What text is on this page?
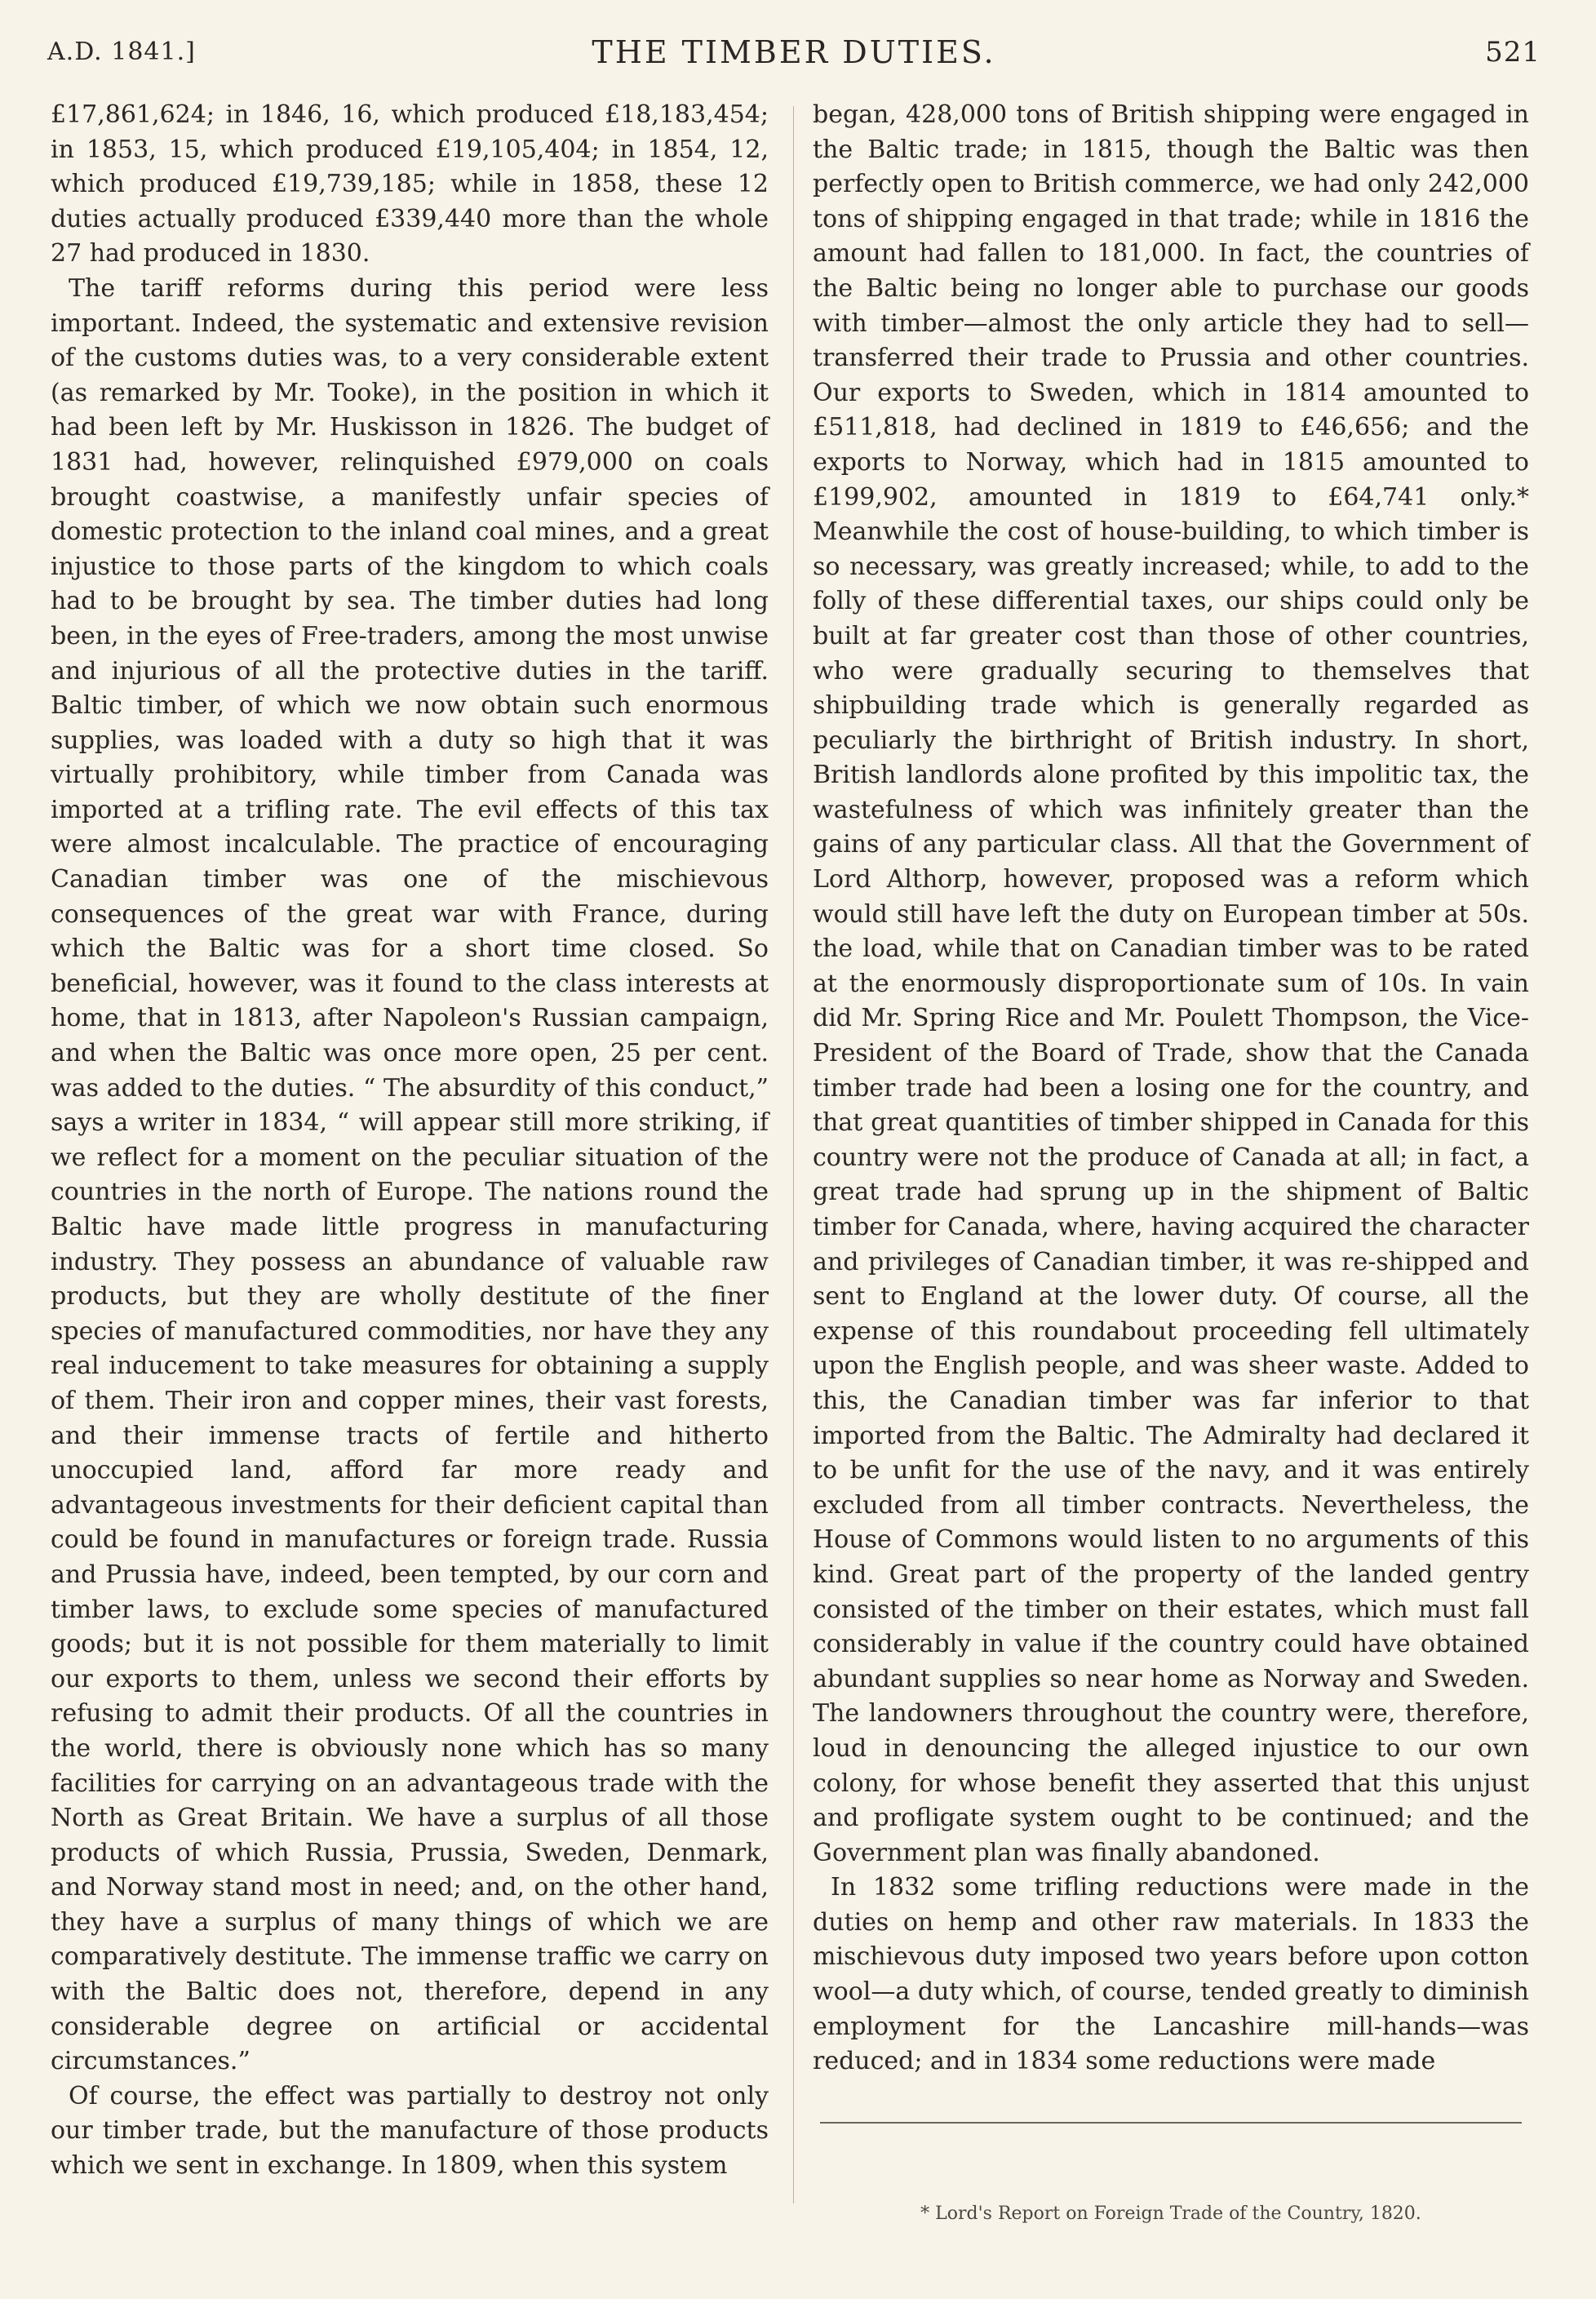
A.D. 1841.]	THE TIMBER DUTIES.	521

£17,861,624; in 1846, 16, which produced £18,183,454; in 1853, 15, which produced £19,105,404; in 1854, 12, which produced £19,739,185; while in 1858, these 12 duties actually produced £339,440 more than the whole 27 had produced in 1830.

The tariff reforms during this period were less important. Indeed, the systematic and extensive revision of the customs duties was, to a very considerable extent (as remarked by Mr. Tooke), in the position in which it had been left by Mr. Huskisson in 1826. The budget of 1831 had, however, relinquished £979,000 on coals brought coastwise, a manifestly unfair species of domestic protection to the inland coal mines, and a great injustice to those parts of the kingdom to which coals had to be brought by sea. The timber duties had long been, in the eyes of Free-traders, among the most unwise and injurious of all the protective duties in the tariff. Baltic timber, of which we now obtain such enormous supplies, was loaded with a duty so high that it was virtually prohibitory, while timber from Canada was imported at a trifling rate. The evil effects of this tax were almost incalculable. The practice of encouraging Canadian timber was one of the mischievous consequences of the great war with France, during which the Baltic was for a short time closed. So beneficial, however, was it found to the class interests at home, that in 1813, after Napoleon's Russian campaign, and when the Baltic was once more open, 25 per cent. was added to the duties. “ The absurdity of this conduct,” says a writer in 1834, “ will appear still more striking, if we reflect for a moment on the peculiar situation of the countries in the north of Europe. The nations round the Baltic have made little progress in manufacturing industry. They possess an abundance of valuable raw products, but they are wholly destitute of the finer species of manufactured commodities, nor have they any real inducement to take measures for obtaining a supply of them. Their iron and copper mines, their vast forests, and their immense tracts of fertile and hitherto unoccupied land, afford far more ready and advantageous investments for their deficient capital than could be found in manufactures or foreign trade. Russia and Prussia have, indeed, been tempted, by our corn and timber laws, to exclude some species of manufactured goods; but it is not possible for them materially to limit our exports to them, unless we second their efforts by refusing to admit their products. Of all the countries in the world, there is obviously none which has so many facilities for carrying on an advantageous trade with the North as Great Britain. We have a surplus of all those products of which Russia, Prussia, Sweden, Denmark, and Norway stand most in need; and, on the other hand, they have a surplus of many things of which we are comparatively destitute. The immense traffic we carry on with the Baltic does not, therefore, depend in any considerable degree on artificial or accidental circumstances.”

Of course, the effect was partially to destroy not only our timber trade, but the manufacture of those products which we sent in exchange. In 1809, when this system

began, 428,000 tons of British shipping were engaged in the Baltic trade; in 1815, though the Baltic was then perfectly open to British commerce, we had only 242,000 tons of shipping engaged in that trade; while in 1816 the amount had fallen to 181,000. In fact, the countries of the Baltic being no longer able to purchase our goods with timber—almost the only article they had to sell—transferred their trade to Prussia and other countries. Our exports to Sweden, which in 1814 amounted to £511,818, had declined in 1819 to £46,656; and the exports to Norway, which had in 1815 amounted to £199,902, amounted in 1819 to £64,741 only.* Meanwhile the cost of house-building, to which timber is so necessary, was greatly increased; while, to add to the folly of these differential taxes, our ships could only be built at far greater cost than those of other countries, who were gradually securing to themselves that shipbuilding trade which is generally regarded as peculiarly the birthright of British industry. In short, British landlords alone profited by this impolitic tax, the wastefulness of which was infinitely greater than the gains of any particular class. All that the Government of Lord Althorp, however, proposed was a reform which would still have left the duty on European timber at 50s. the load, while that on Canadian timber was to be rated at the enormously disproportionate sum of 10s. In vain did Mr. Spring Rice and Mr. Poulett Thompson, the Vice-President of the Board of Trade, show that the Canada timber trade had been a losing one for the country, and that great quantities of timber shipped in Canada for this country were not the produce of Canada at all; in fact, a great trade had sprung up in the shipment of Baltic timber for Canada, where, having acquired the character and privileges of Canadian timber, it was re-shipped and sent to England at the lower duty. Of course, all the expense of this roundabout proceeding fell ultimately upon the English people, and was sheer waste. Added to this, the Canadian timber was far inferior to that imported from the Baltic. The Admiralty had declared it to be unfit for the use of the navy, and it was entirely excluded from all timber contracts. Nevertheless, the House of Commons would listen to no arguments of this kind. Great part of the property of the landed gentry consisted of the timber on their estates, which must fall considerably in value if the country could have obtained abundant supplies so near home as Norway and Sweden. The landowners throughout the country were, therefore, loud in denouncing the alleged injustice to our own colony, for whose benefit they asserted that this unjust and profligate system ought to be continued; and the Government plan was finally abandoned.

In 1832 some trifling reductions were made in the duties on hemp and other raw materials. In 1833 the mischievous duty imposed two years before upon cotton wool—a duty which, of course, tended greatly to diminish employment for the Lancashire mill-hands—was reduced; and in 1834 some reductions were made

* Lord's Report on Foreign Trade of the Country, 1820.
